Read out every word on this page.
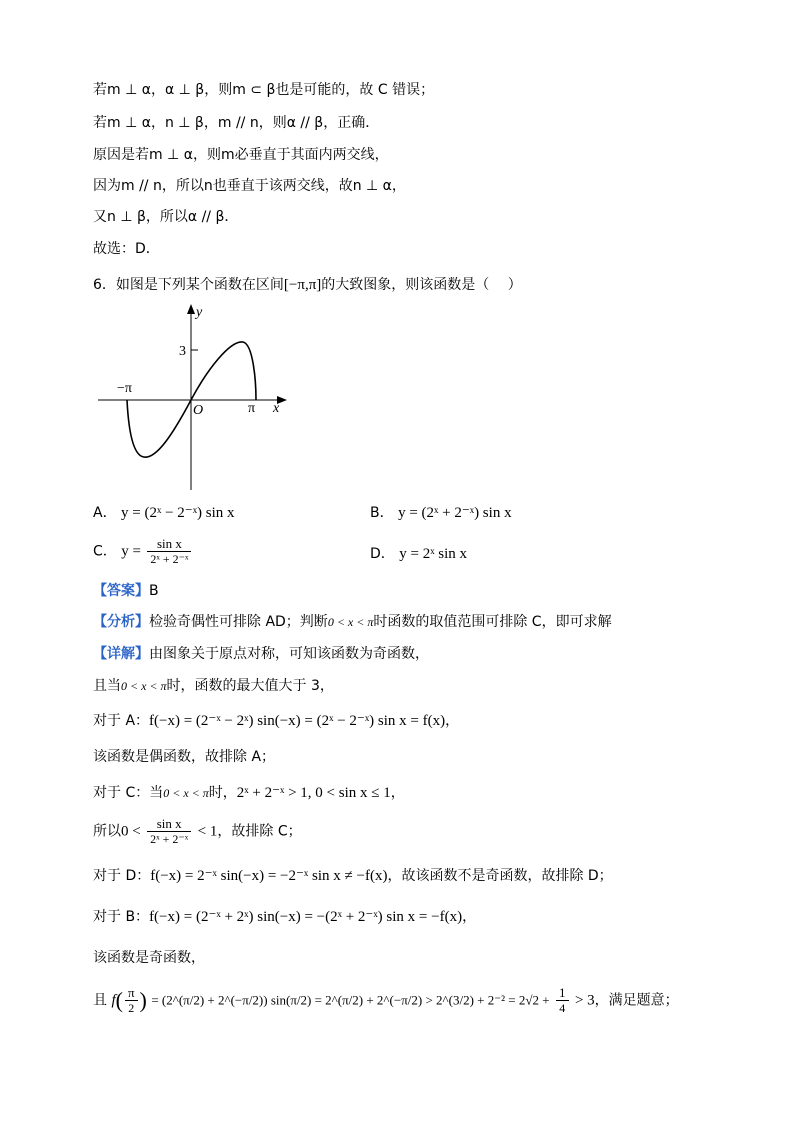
若m ⊥ α，α ⊥ β，则m ⊂ β也是可能的，故 C 错误；
若m ⊥ α，n ⊥ β，m // n，则α // β，正确．
原因是若m ⊥ α，则m必垂直于其面内两交线，
因为m // n，所以n也垂直于该两交线，故n ⊥ α，
又n ⊥ β，所以α // β．
故选：D．
6．如图是下列某个函数在区间[−π,π]的大致图象，则该函数是（　 ）
y
x
O
−π
π
3
A． y = (2ˣ − 2⁻ˣ) sin x	B． y = (2ˣ + 2⁻ˣ) sin x
C． $y = \frac{\text{sin x}}{\text{2ˣ + 2⁻ˣ}}$	D． y = 2ˣ sin x
【答案】B
【分析】检验奇偶性可排除 AD；判断0 < x < π时函数的取值范围可排除 C，即可求解
【详解】由图象关于原点对称，可知该函数为奇函数，
且当0 < x < π时，函数的最大值大于 3，
对于 A：f(−x) = (2⁻ˣ − 2ˣ) sin(−x) = (2ˣ − 2⁻ˣ) sin x = f(x)，
该函数是偶函数，故排除 A；
对于 C：当0 < x < π时，2ˣ + 2⁻ˣ > 1, 0 < sin x ≤ 1，
所以$0 < \frac{\text{sin x}}{\text{2ˣ + 2⁻ˣ}} < 1$，故排除 C；
对于 D：f(−x) = 2⁻ˣ sin(−x) = −2⁻ˣ sin x ≠ −f(x)，故该函数不是奇函数，故排除 D；
对于 B：f(−x) = (2⁻ˣ + 2ˣ) sin(−x) = −(2ˣ + 2⁻ˣ) sin x = −f(x)，
该函数是奇函数，
且 $f( \frac{\pi}{2}$ ) = (2^(π/2) + 2^(−π/2)) sin(π/2) = 2^(π/2) + 2^(−π/2) > 2^(3/2) + $2^{-2} = 2√2 + \frac{1}{4} > 3$，满足题意；
